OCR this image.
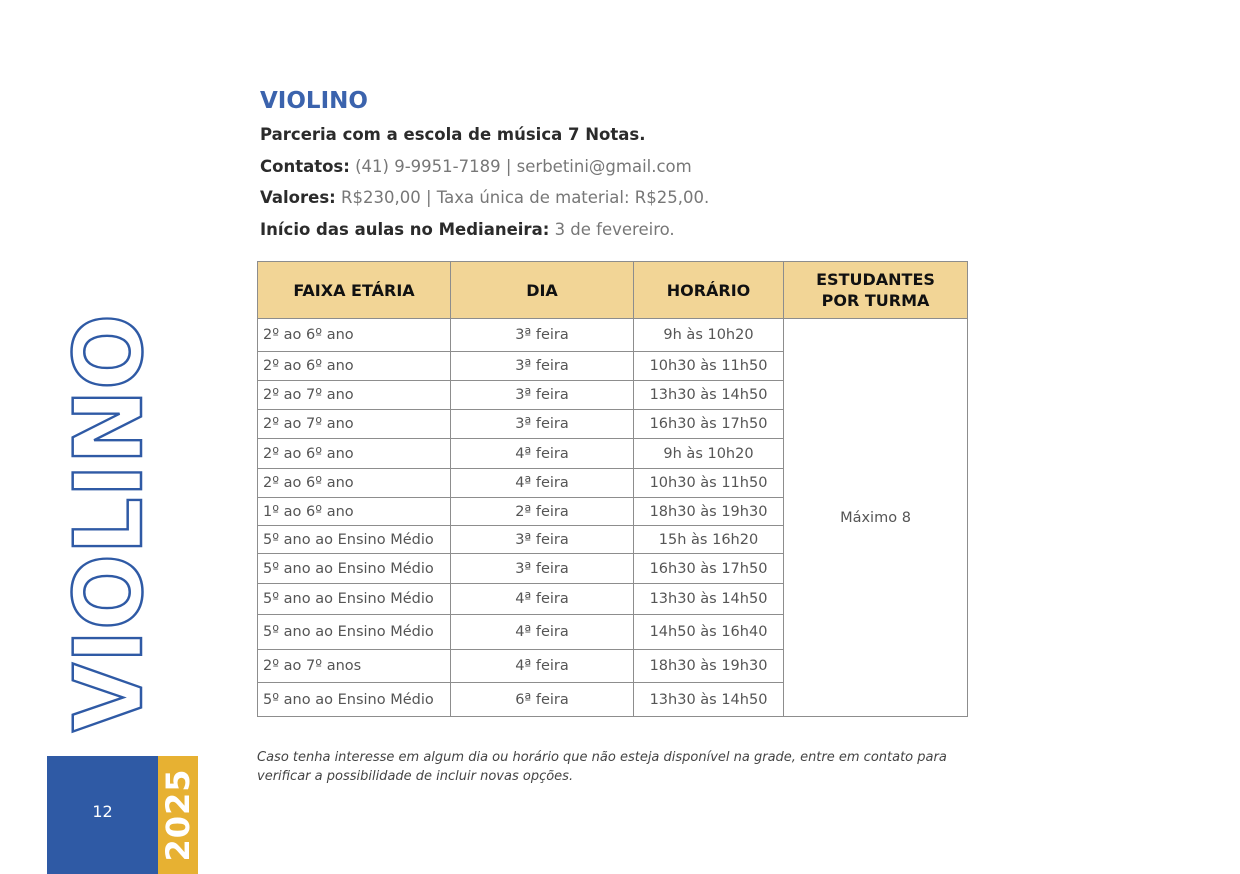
VIOLINO
12	2025
VIOLINO
Parceria com a escola de música 7 Notas.
Contatos: (41) 9-9951-7189 | serbetini@gmail.com
Valores: R$230,00 | Taxa única de material: R$25,00.
Início das aulas no Medianeira: 3 de fevereiro.
FAIXA ETÁRIA	DIA	HORÁRIO	ESTUDANTES POR TURMA
2º ao 6º ano	3ª feira	9h às 10h20	Máximo 8
2º ao 6º ano	3ª feira	10h30 às 11h50	
2º ao 7º ano	3ª feira	13h30 às 14h50	
2º ao 7º ano	3ª feira	16h30 às 17h50	
2º ao 6º ano	4ª feira	9h às 10h20	
2º ao 6º ano	4ª feira	10h30 às 11h50	
1º ao 6º ano	2ª feira	18h30 às 19h30	
5º ano ao Ensino Médio	3ª feira	15h às 16h20	
5º ano ao Ensino Médio	3ª feira	16h30 às 17h50	
5º ano ao Ensino Médio	4ª feira	13h30 às 14h50	
5º ano ao Ensino Médio	4ª feira	14h50 às 16h40	
2º ao 7º anos	4ª feira	18h30 às 19h30	
5º ano ao Ensino Médio	6ª feira	13h30 às 14h50	
Caso tenha interesse em algum dia ou horário que não esteja disponível na grade, entre em contato para verificar a possibilidade de incluir novas opções.
